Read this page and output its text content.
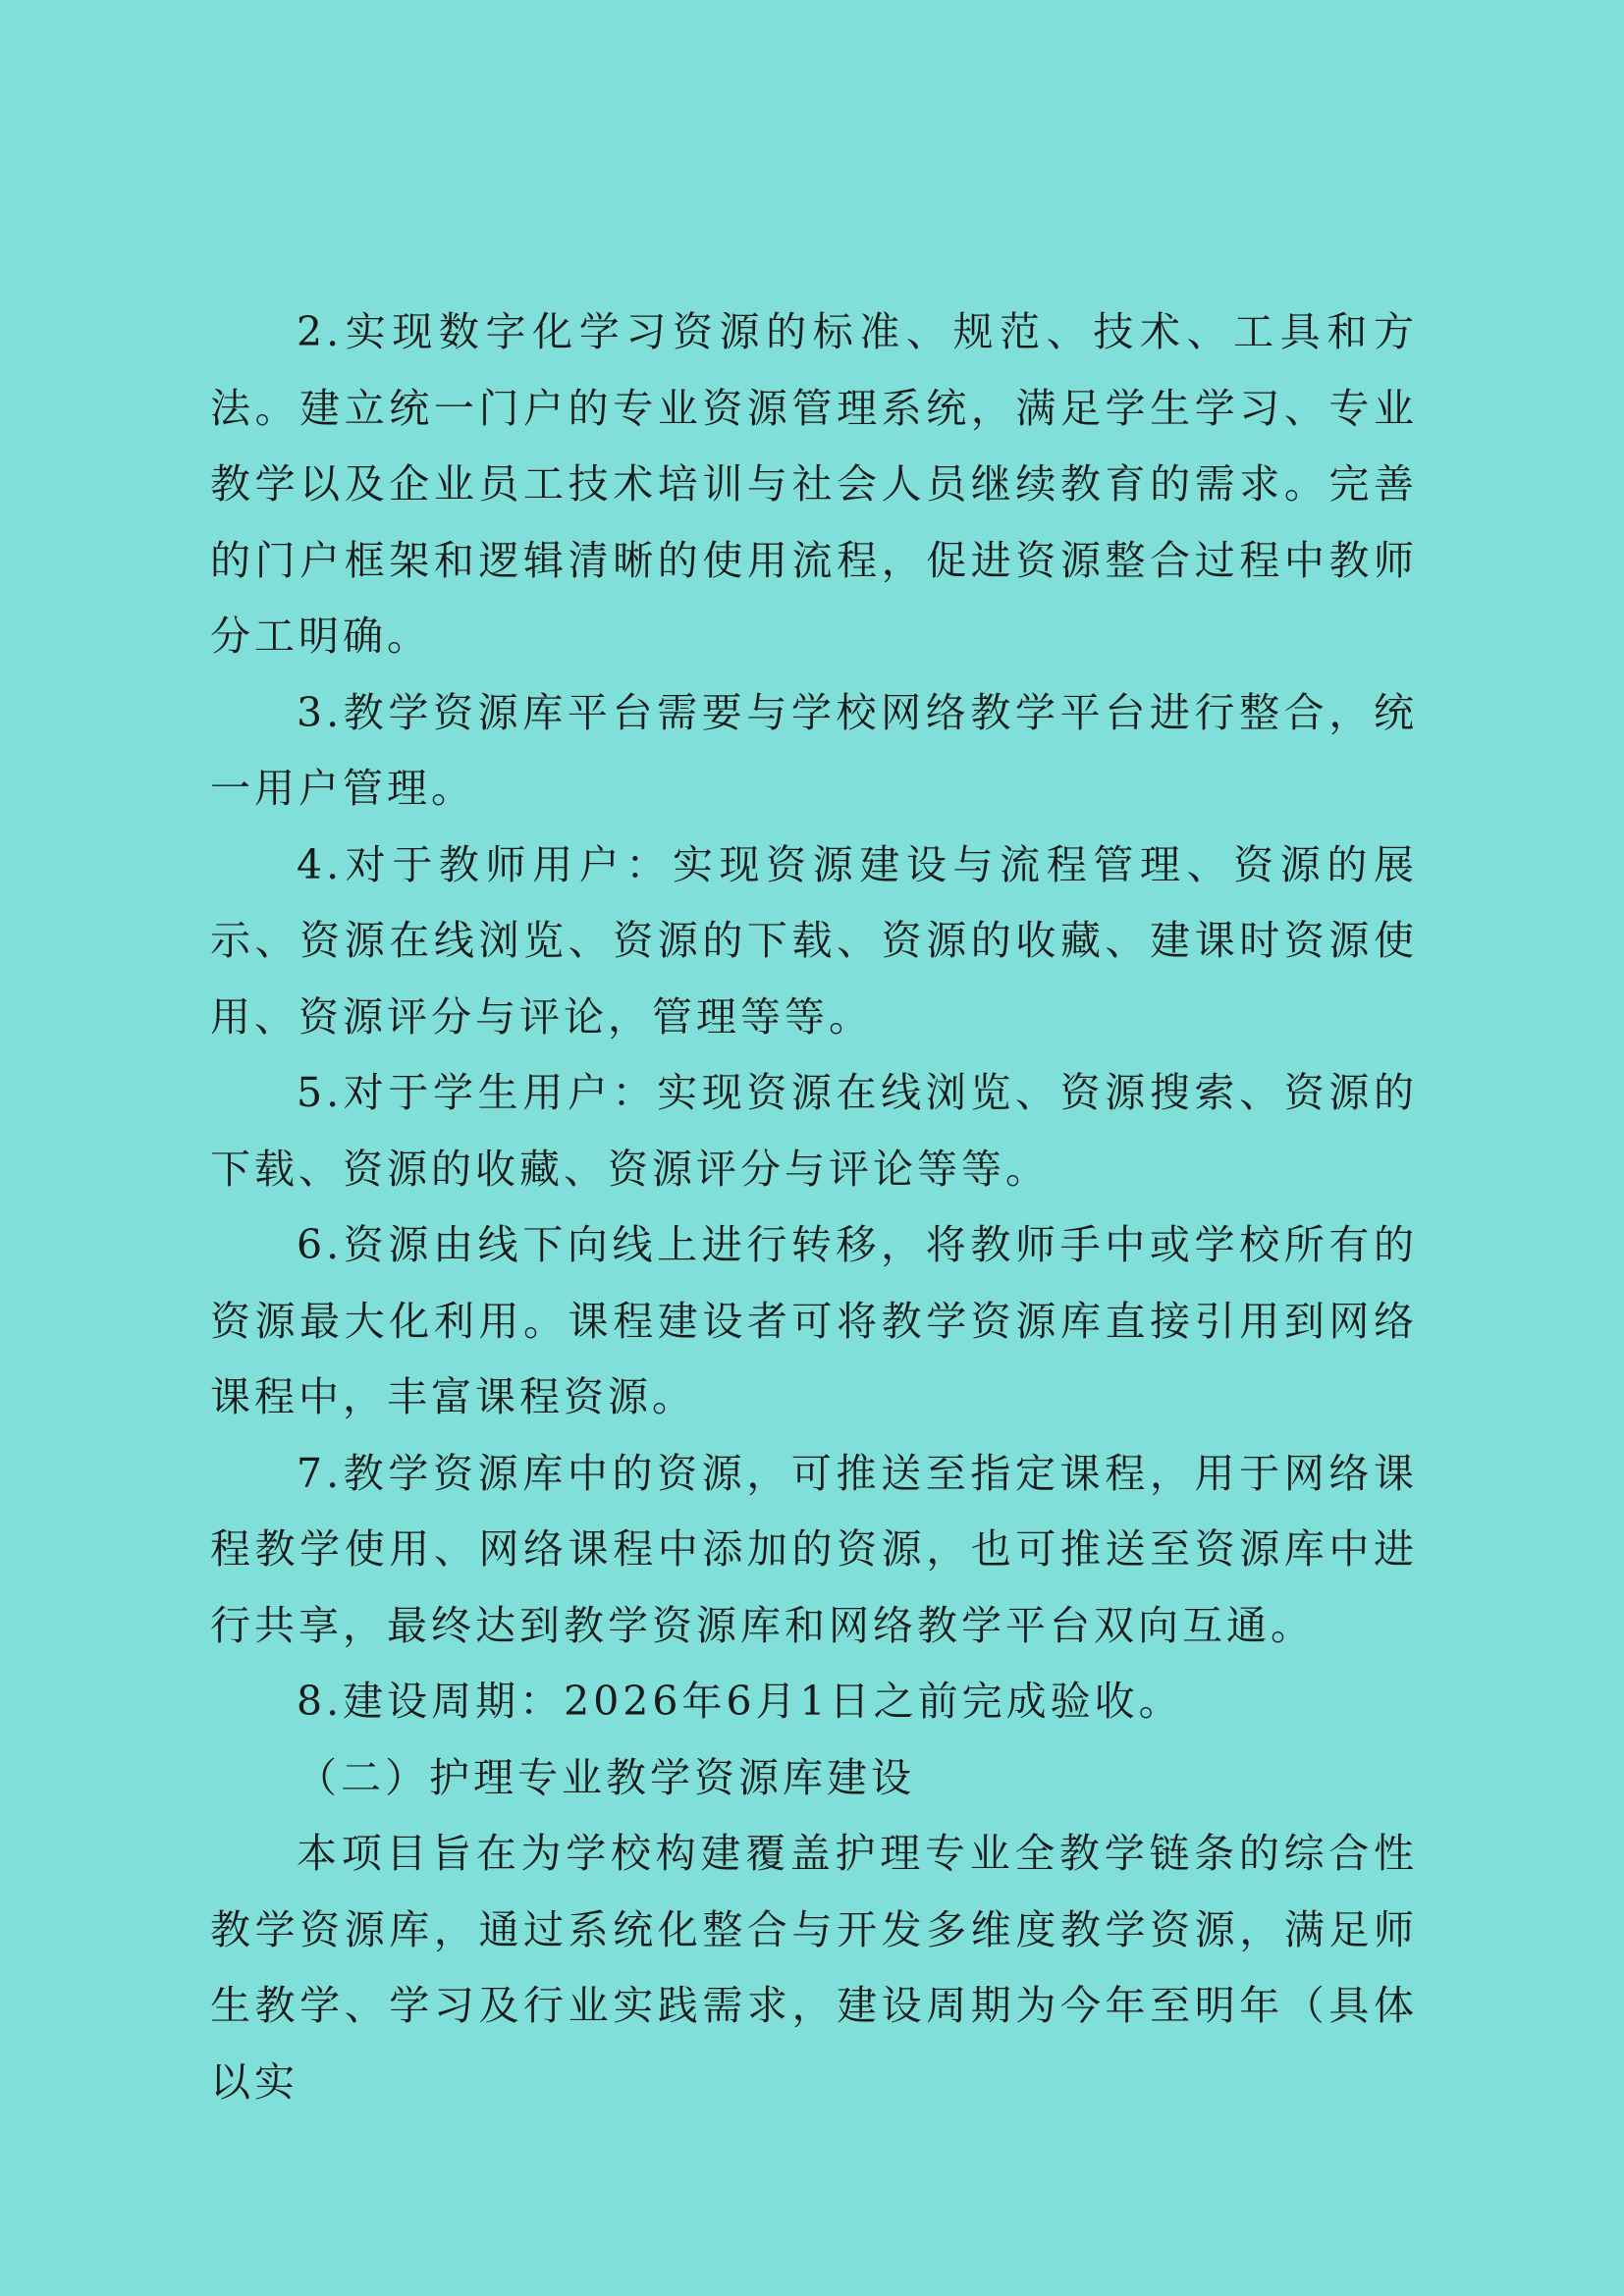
2.实现数字化学习资源的标准、规范、技术、工具和方法。建立统一门户的专业资源管理系统，满足学生学习、专业教学以及企业员工技术培训与社会人员继续教育的需求。完善的门户框架和逻辑清晰的使用流程，促进资源整合过程中教师分工明确。

3.教学资源库平台需要与学校网络教学平台进行整合，统一用户管理。

4.对于教师用户：实现资源建设与流程管理、资源的展示、资源在线浏览、资源的下载、资源的收藏、建课时资源使用、资源评分与评论，管理等等。

5.对于学生用户：实现资源在线浏览、资源搜索、资源的下载、资源的收藏、资源评分与评论等等。

6.资源由线下向线上进行转移，将教师手中或学校所有的资源最大化利用。课程建设者可将教学资源库直接引用到网络课程中，丰富课程资源。

7.教学资源库中的资源，可推送至指定课程，用于网络课程教学使用、网络课程中添加的资源，也可推送至资源库中进行共享，最终达到教学资源库和网络教学平台双向互通。

8.建设周期：2026年6月1日之前完成验收。

（二）护理专业教学资源库建设

本项目旨在为学校构建覆盖护理专业全教学链条的综合性教学资源库，通过系统化整合与开发多维度教学资源，满足师生教学、学习及行业实践需求，建设周期为今年至明年（具体以实
